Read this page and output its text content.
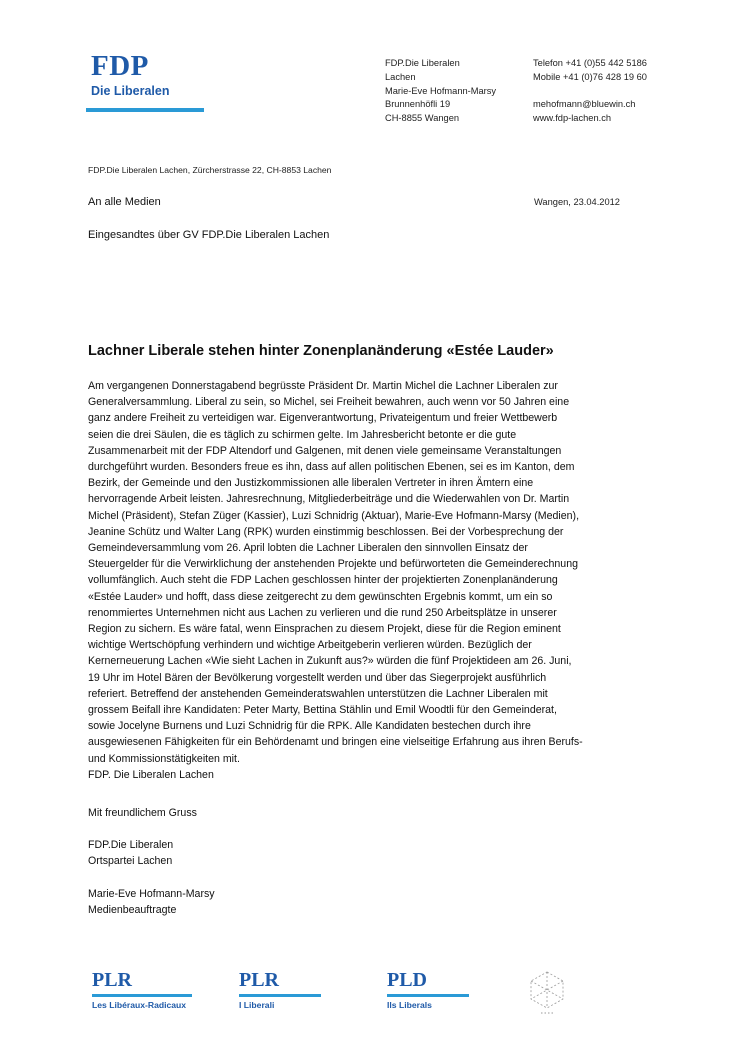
FDP
Die Liberalen
FDP.Die Liberalen
Lachen
Marie-Eve Hofmann-Marsy
Brunnenhöfli 19
CH-8855 Wangen
Telefon +41 (0)55 442 5186
Mobile +41 (0)76 428 19 60
mehofmann@bluewin.ch
www.fdp-lachen.ch
FDP.Die Liberalen Lachen, Zürcherstrasse 22, CH-8853 Lachen
An alle Medien	Wangen, 23.04.2012
Eingesandtes über GV FDP.Die Liberalen Lachen
Lachner Liberale stehen hinter Zonenplanänderung «Estée Lauder»
Am vergangenen Donnerstagabend begrüsste Präsident Dr. Martin Michel die Lachner Liberalen zur
Generalversammlung. Liberal zu sein, so Michel, sei Freiheit bewahren, auch wenn vor 50 Jahren eine
ganz andere Freiheit zu verteidigen war. Eigenverantwortung, Privateigentum und freier Wettbewerb
seien die drei Säulen, die es täglich zu schirmen gelte. Im Jahresbericht betonte er die gute
Zusammenarbeit mit der FDP Altendorf und Galgenen, mit denen viele gemeinsame Veranstaltungen
durchgeführt wurden. Besonders freue es ihn, dass auf allen politischen Ebenen, sei es im Kanton, dem
Bezirk, der Gemeinde und den Justizkommissionen alle liberalen Vertreter in ihren Ämtern eine
hervorragende Arbeit leisten. Jahresrechnung, Mitgliederbeiträge und die Wiederwahlen von Dr. Martin
Michel (Präsident), Stefan Züger (Kassier), Luzi Schnidrig (Aktuar), Marie-Eve Hofmann-Marsy (Medien),
Jeanine Schütz und Walter Lang (RPK) wurden einstimmig beschlossen. Bei der Vorbesprechung der
Gemeindeversammlung vom 26. April lobten die Lachner Liberalen den sinnvollen Einsatz der
Steuergelder für die Verwirklichung der anstehenden Projekte und befürworteten die Gemeinderechnung
vollumfänglich. Auch steht die FDP Lachen geschlossen hinter der projektierten Zonenplanänderung
«Estée Lauder» und hofft, dass diese zeitgerecht zu dem gewünschten Ergebnis kommt, um ein so
renommiertes Unternehmen nicht aus Lachen zu verlieren und die rund 250 Arbeitsplätze in unserer
Region zu sichern. Es wäre fatal, wenn Einsprachen zu diesem Projekt, diese für die Region eminent
wichtige Wertschöpfung verhindern und wichtige Arbeitgeberin verlieren würden. Bezüglich der
Kernerneuerung Lachen «Wie sieht Lachen in Zukunft aus?» würden die fünf Projektideen am 26. Juni,
19 Uhr im Hotel Bären der Bevölkerung vorgestellt werden und über das Siegerprojekt ausführlich
referiert. Betreffend der anstehenden Gemeinderatswahlen unterstützen die Lachner Liberalen mit
grossem Beifall ihre Kandidaten: Peter Marty, Bettina Stählin und Emil Woodtli für den Gemeinderat,
sowie Jocelyne Burnens und Luzi Schnidrig für die RPK. Alle Kandidaten bestechen durch ihre
ausgewiesenen Fähigkeiten für ein Behördenamt und bringen eine vielseitige Erfahrung aus ihren Berufs-
und Kommissionstätigkeiten mit.
FDP. Die Liberalen Lachen
Mit freundlichem Gruss
FDP.Die Liberalen
Ortspartei Lachen
Marie-Eve Hofmann-Marsy
Medienbeauftragte
PLR
Les Libéraux-Radicaux
PLR
I Liberali
PLD
Ils Liberals
